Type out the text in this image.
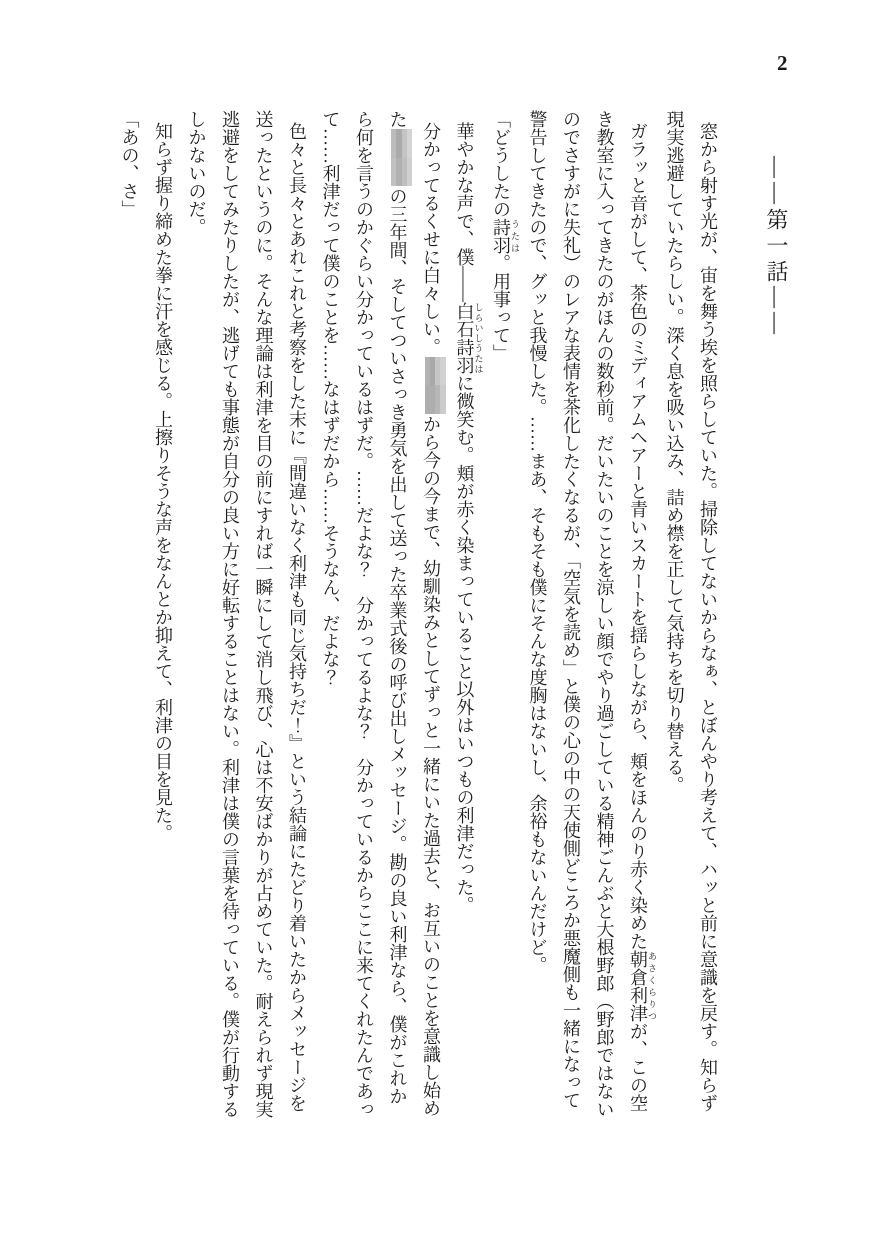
2
――第一話――

窓から射す光が、宙を舞う埃を照らしていた。掃除してないからなぁ、とぼんやり考えて、ハッと前に意識を戻す。知らず現実逃避していたらしい。深く息を吸い込み、詰め襟を正して気持ちを切り替える。

ガラッと音がして、茶色のミディアムヘアーと青いスカートを揺らしながら、頬をほんのり赤く染めた朝倉利津 あさくらりつが、この空き教室に入ってきたのがほんの数秒前。だいたいのことを涼しい顔でやり過ごしている精神ごんぶと大根野郎（野郎ではないのでさすがに失礼）のレアな表情を茶化したくなるが、「空気を読め」と僕の心の中の天使側どころか悪魔側も一緒になって警告してきたので、グッと我慢した。……まあ、そもそも僕にそんな度胸はないし、余裕もないんだけど。

「どうしたの詩羽 うたは。用事って」

華やかな声で、僕――白石詩羽 しらいしうたはに微笑む。頬が赤く染まっていること以外はいつもの利津だった。

分かってるくせに白々しい。
から今の今まで、幼馴染みとしてずっと一緒にいた過去と、お互いのことを意識し始めた
の三年間、そしてついさっき勇気を出して送った卒業式後の呼び出しメッセージ。勘の良い利津なら、僕がこれから何を言うのかぐらい分かっているはずだ。……だよな？　分かってるよな？　分かっているからここに来てくれたんであって……利津だって僕のことを……なはずだから……そうなん、だよな？

色々と長々とあれこれと考察をした末に『間違いなく利津も同じ気持ちだ！』という結論にたどり着いたからメッセージを送ったというのに。そんな理論は利津を目の前にすれば一瞬にして消し飛び、心は不安ばかりが占めていた。耐えられず現実逃避をしてみたりしたが、逃げても事態が自分の良い方に好転することはない。利津は僕の言葉を待っている。僕が行動するしかないのだ。

知らず握り締めた拳に汗を感じる。上擦りそうな声をなんとか抑えて、利津の目を見た。

「あの、さ」
